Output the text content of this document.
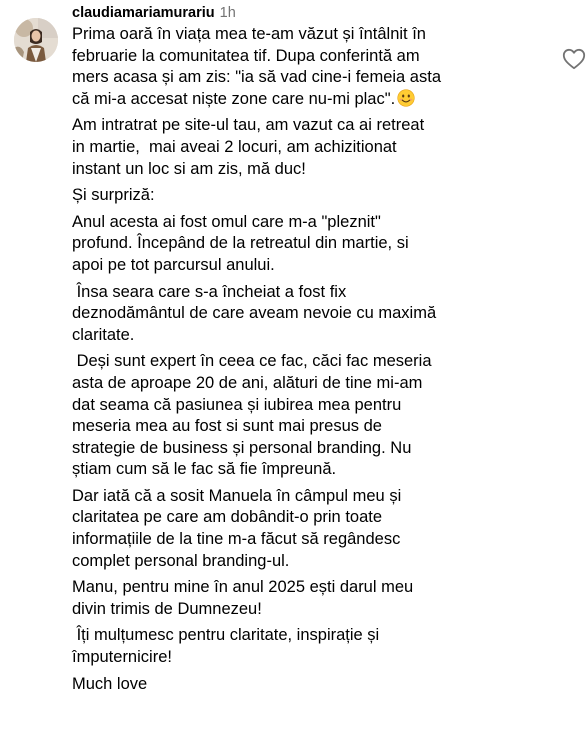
claudiamariamurariu 1h

Prima oară în viața mea te-am văzut și întâlnit în
februarie la comunitatea tif. Dupa conferintă am
mers acasa și am zis: "ia să vad cine-i femeia asta
că mi-a accesat niște zone care nu-mi plac".

Am intratrat pe site-ul tau, am vazut ca ai retreat
in martie,  mai aveai 2 locuri, am achizitionat
instant un loc si am zis, mă duc!

Și surpriză:

Anul acesta ai fost omul care m-a "pleznit"
profund. Începând de la retreatul din martie, si
apoi pe tot parcursul anului.

Însa seara care s-a încheiat a fost fix
deznodământul de care aveam nevoie cu maximă
claritate.

Deși sunt expert în ceea ce fac, căci fac meseria
asta de aproape 20 de ani, alături de tine mi-am
dat seama că pasiunea și iubirea mea pentru
meseria mea au fost si sunt mai presus de
strategie de business și personal branding. Nu
știam cum să le fac să fie împreună.

Dar iată că a sosit Manuela în câmpul meu și
claritatea pe care am dobândit-o prin toate
informațiile de la tine m-a făcut să regândesc
complet personal branding-ul.

Manu, pentru mine în anul 2025 ești darul meu
divin trimis de Dumnezeu!

Îți mulțumesc pentru claritate, inspirație și
împuternicire!

Much love
